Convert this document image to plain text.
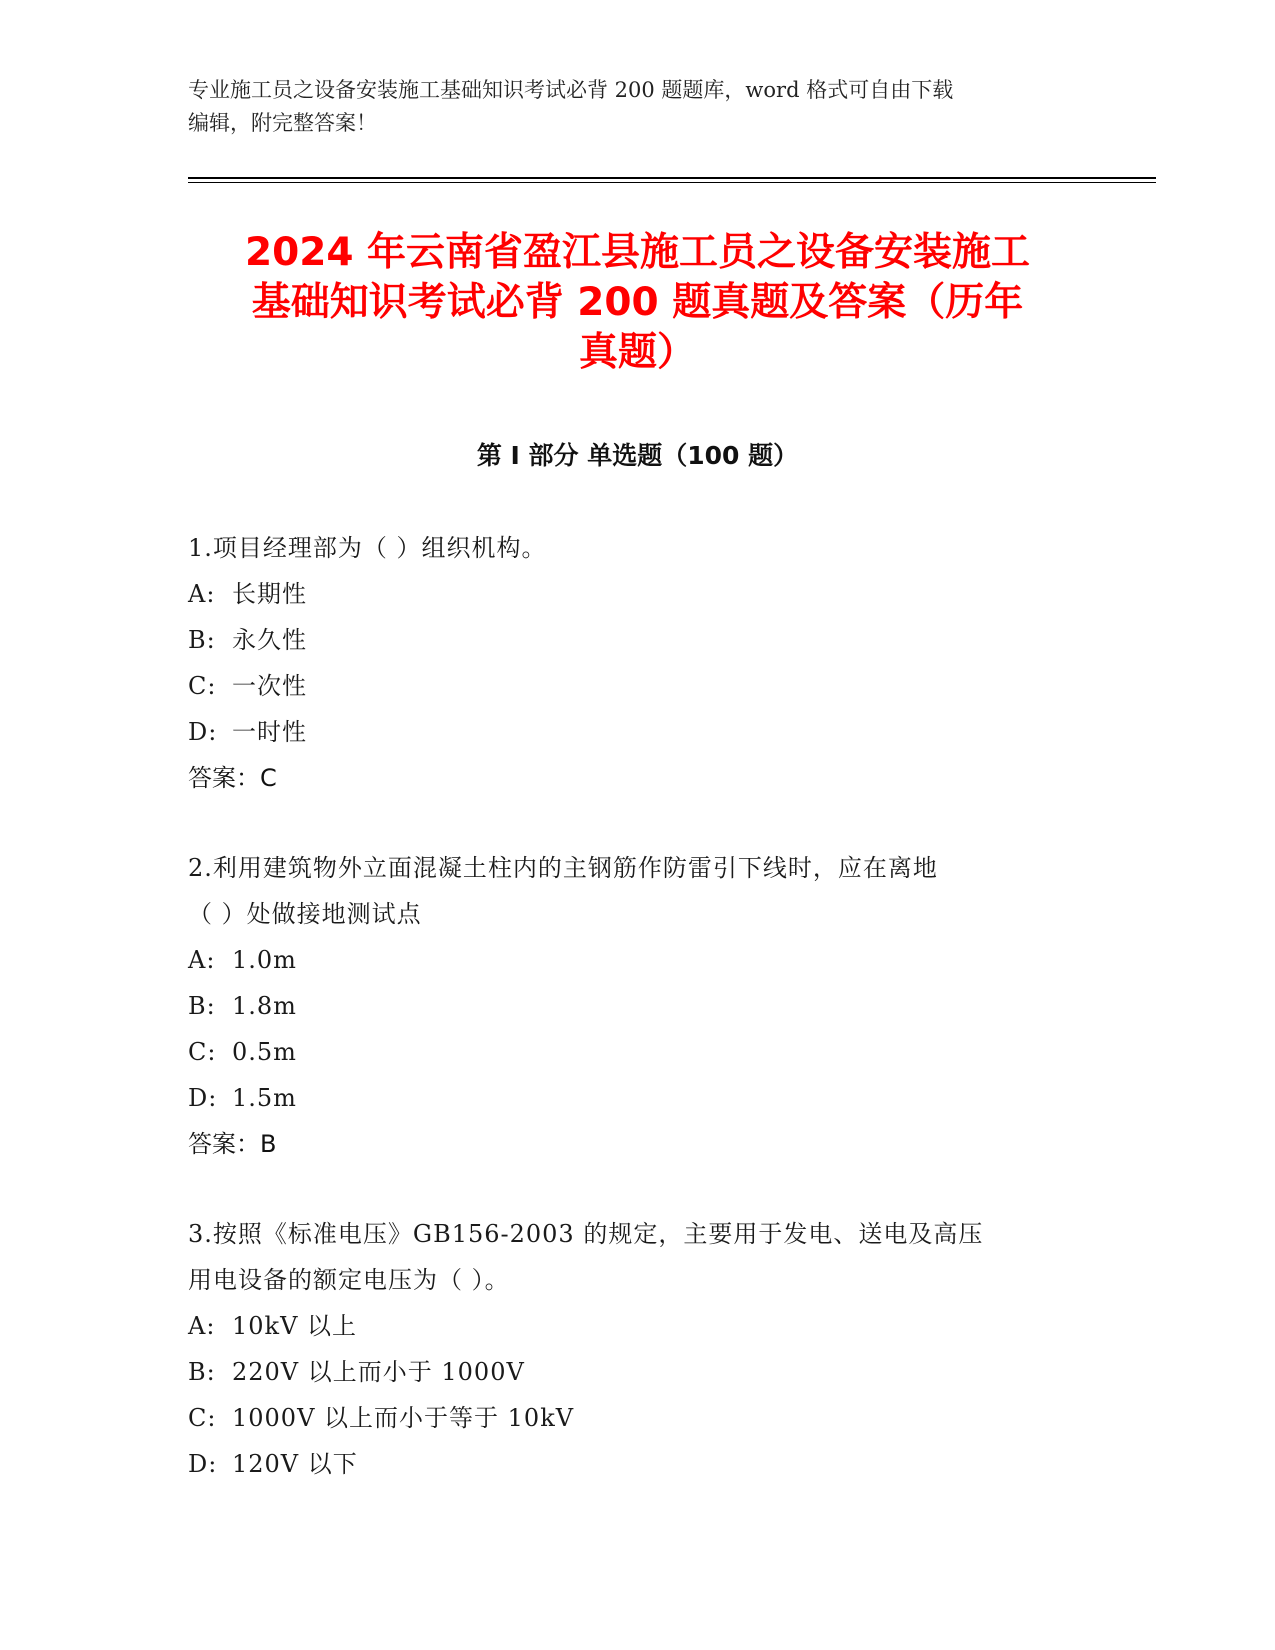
专业施工员之设备安装施工基础知识考试必背 200 题题库，word 格式可自由下载
编辑，附完整答案！
2024 年云南省盈江县施工员之设备安装施工
基础知识考试必背 200 题真题及答案（历年
真题）
第 I 部分 单选题（100 题）
1.项目经理部为（ ）组织机构。
A: 长期性
B: 永久性
C: 一次性
D: 一时性
答案：C
2.利用建筑物外立面混凝土柱内的主钢筋作防雷引下线时，应在离地
（ ）处做接地测试点
A: 1.0m
B: 1.8m
C: 0.5m
D: 1.5m
答案：B
3.按照《标准电压》GB156-2003 的规定，主要用于发电、送电及高压
用电设备的额定电压为（ ）。
A: 10kV 以上
B: 220V 以上而小于 1000V
C: 1000V 以上而小于等于 10kV
D: 120V 以下
